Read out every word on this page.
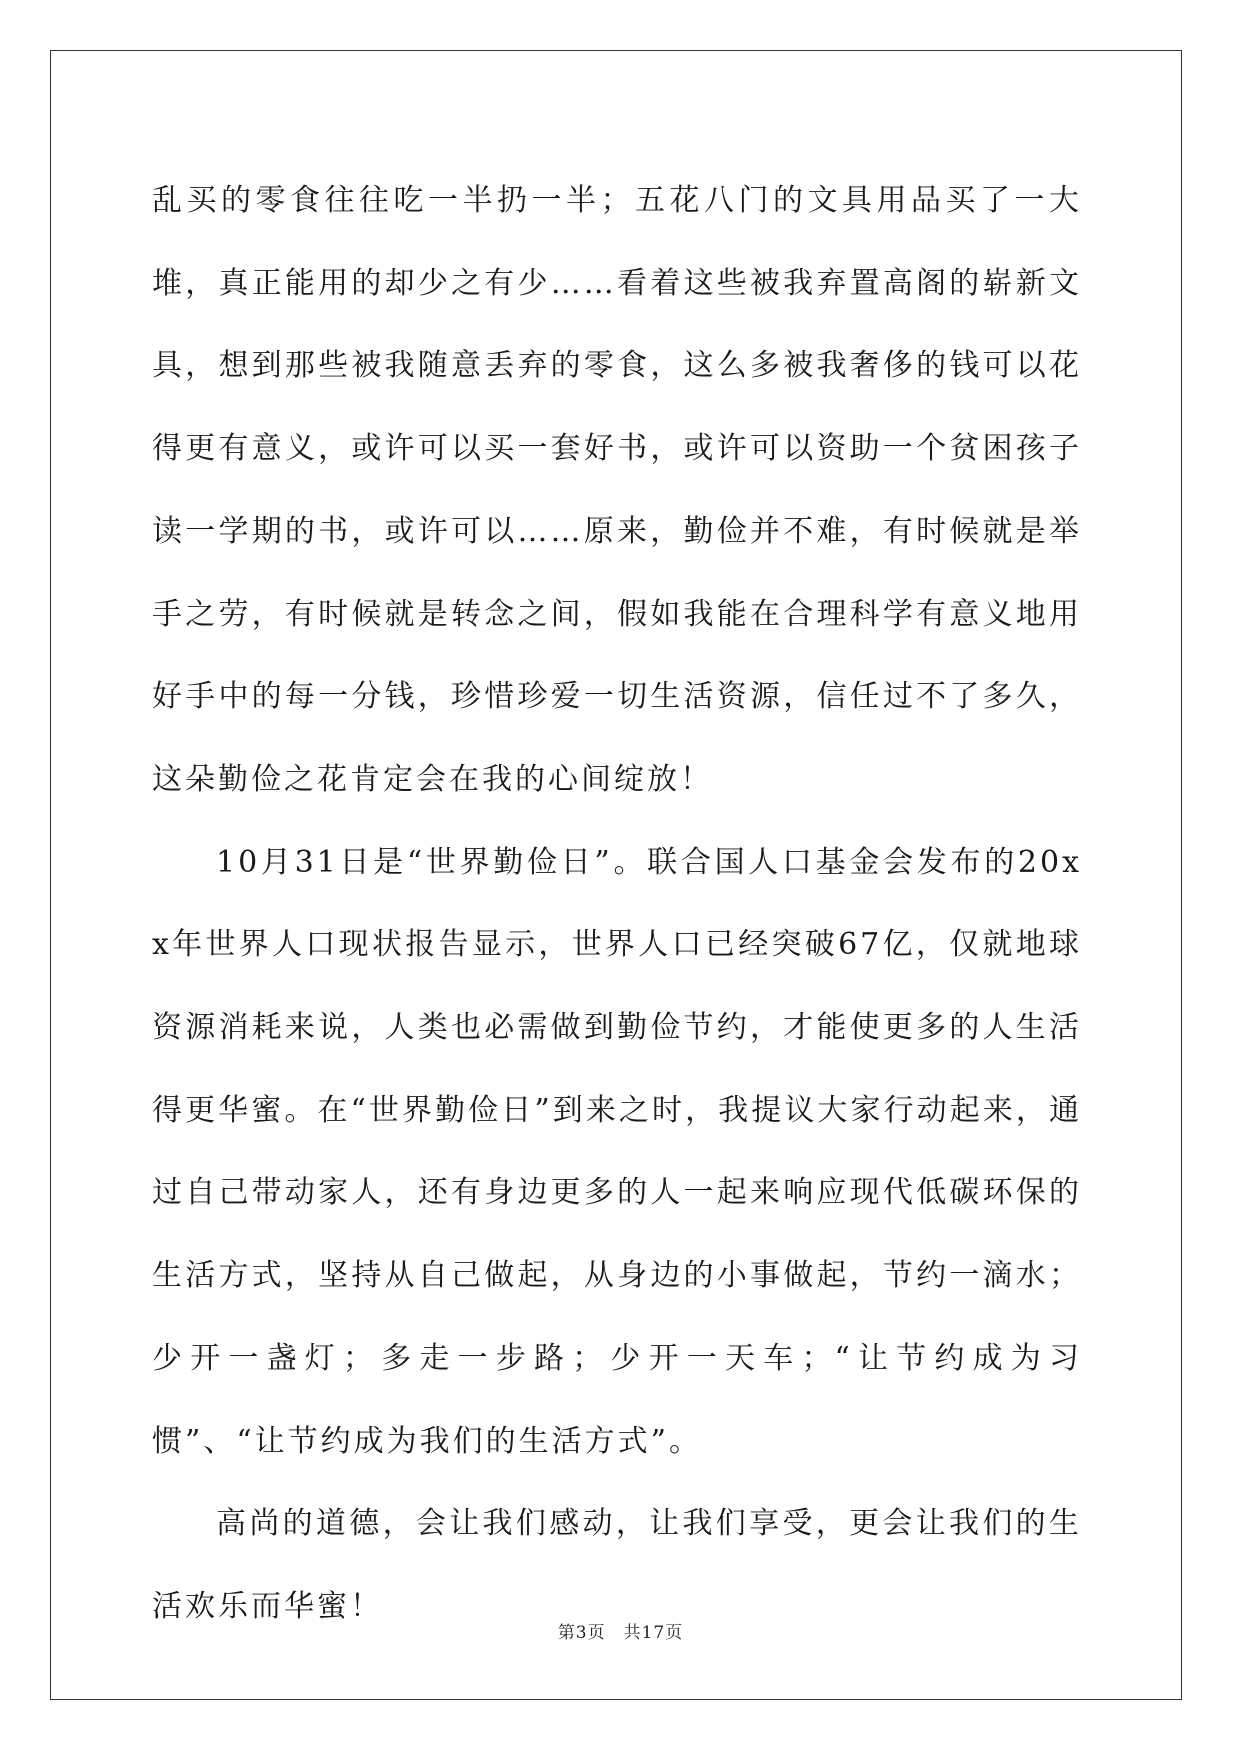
乱买的零食往往吃一半扔一半；五花八门的文具用品买了一大堆，真正能用的却少之有少……看着这些被我弃置高阁的崭新文具，想到那些被我随意丢弃的零食，这么多被我奢侈的钱可以花得更有意义，或许可以买一套好书，或许可以资助一个贫困孩子读一学期的书，或许可以……原来，勤俭并不难，有时候就是举手之劳，有时候就是转念之间，假如我能在合理科学有意义地用好手中的每一分钱，珍惜珍爱一切生活资源，信任过不了多久，这朵勤俭之花肯定会在我的心间绽放！

10月31日是“世界勤俭日”。联合国人口基金会发布的20xx年世界人口现状报告显示，世界人口已经突破67亿，仅就地球资源消耗来说，人类也必需做到勤俭节约，才能使更多的人生活得更华蜜。在“世界勤俭日”到来之时，我提议大家行动起来，通过自己带动家人，还有身边更多的人一起来响应现代低碳环保的生活方式，坚持从自己做起，从身边的小事做起，节约一滴水；少开一盏灯；多走一步路；少开一天车；“让节约成为习惯”、“让节约成为我们的生活方式”。

高尚的道德，会让我们感动，让我们享受，更会让我们的生活欢乐而华蜜！

第3页 共17页
